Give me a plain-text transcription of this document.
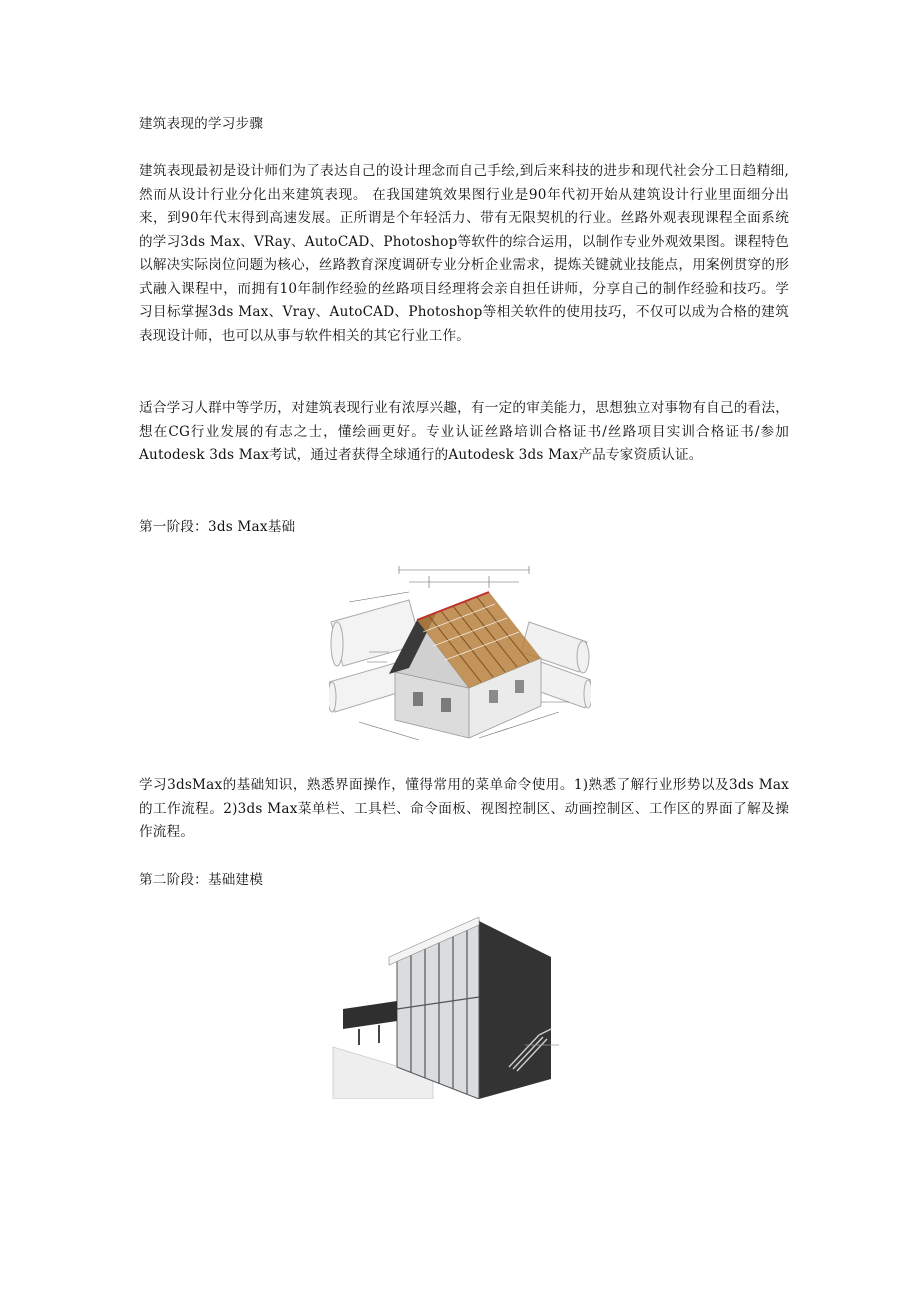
建筑表现的学习步骤
建筑表现最初是设计师们为了表达自己的设计理念而自己手绘,到后来科技的进步和现代社会分工日趋精细,然而从设计行业分化出来建筑表现。 在我国建筑效果图行业是90年代初开始从建筑设计行业里面细分出来，到90年代末得到高速发展。正所谓是个年轻活力、带有无限契机的行业。丝路外观表现课程全面系统的学习3ds Max、VRay、AutoCAD、Photoshop等软件的综合运用，以制作专业外观效果图。课程特色以解决实际岗位问题为核心，丝路教育深度调研专业分析企业需求，提炼关键就业技能点，用案例贯穿的形式融入课程中，而拥有10年制作经验的丝路项目经理将会亲自担任讲师，分享自己的制作经验和技巧。学习目标掌握3ds Max、Vray、AutoCAD、Photoshop等相关软件的使用技巧，不仅可以成为合格的建筑表现设计师，也可以从事与软件相关的其它行业工作。
适合学习人群中等学历，对建筑表现行业有浓厚兴趣，有一定的审美能力，思想独立对事物有自己的看法，想在CG行业发展的有志之士，懂绘画更好。专业认证丝路培训合格证书/丝路项目实训合格证书/参加Autodesk 3ds Max考试，通过者获得全球通行的Autodesk 3ds Max产品专家资质认证。
第一阶段：3ds Max基础
学习3dsMax的基础知识，熟悉界面操作，懂得常用的菜单命令使用。1)熟悉了解行业形势以及3ds Max的工作流程。2)3ds Max菜单栏、工具栏、命令面板、视图控制区、动画控制区、工作区的界面了解及操作流程。
第二阶段：基础建模
